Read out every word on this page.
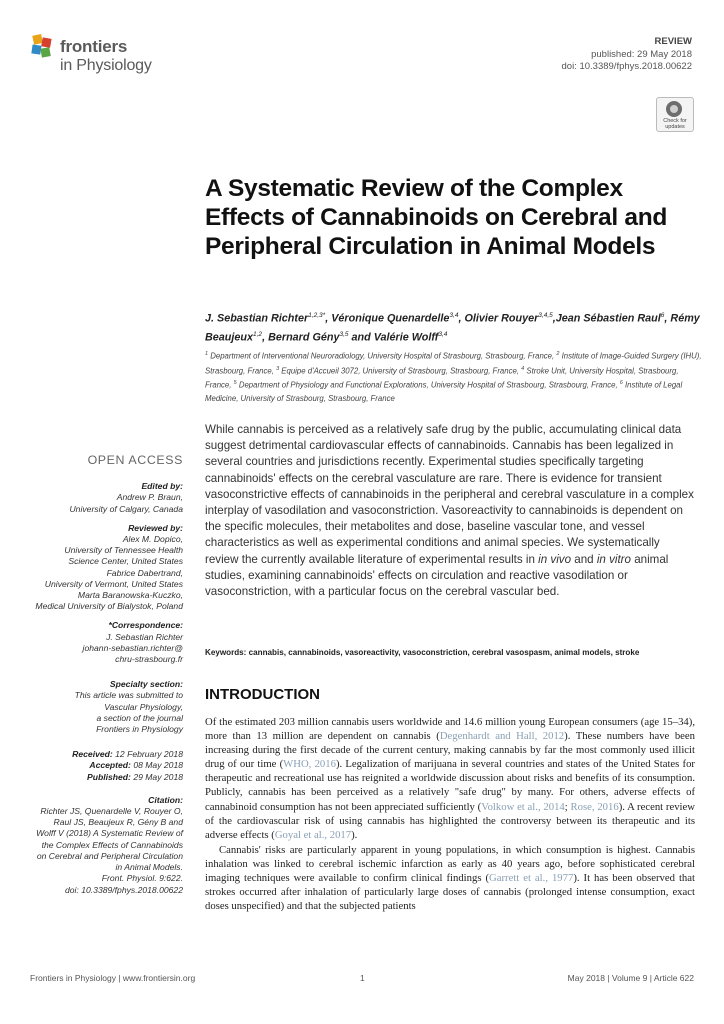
frontiers
in Physiology
REVIEW
published: 29 May 2018
doi: 10.3389/fphys.2018.00622
Check for updates
A Systematic Review of the Complex Effects of Cannabinoids on Cerebral and Peripheral Circulation in Animal Models
J. Sebastian Richter$^{1,2,3*}$, Véronique Quenardelle$^{3,4}$, Olivier Rouyer$^{3,4,5}$,Jean Sébastien Raul$^6$, Rémy Beaujeux$^{1,2}$, Bernard Gény$^{3,5}$ and Valérie Wolff$^{3,4}$
$^1$ Department of Interventional Neuroradiology, University Hospital of Strasbourg, Strasbourg, France, $^2$ Institute of Image-Guided Surgery (IHU), Strasbourg, France, $^3$ Equipe d'Accueil 3072, University of Strasbourg, Strasbourg, France, $^4$ Stroke Unit, University Hospital, Strasbourg, France, $^5$ Department of Physiology and Functional Explorations, University Hospital of Strasbourg, Strasbourg, France, $^6$ Institute of Legal Medicine, University of Strasbourg, Strasbourg, France
While cannabis is perceived as a relatively safe drug by the public, accumulating clinical data suggest detrimental cardiovascular effects of cannabinoids. Cannabis has been legalized in several countries and jurisdictions recently. Experimental studies specifically targeting cannabinoids' effects on the cerebral vasculature are rare. There is evidence for transient vasoconstrictive effects of cannabinoids in the peripheral and cerebral vasculature in a complex interplay of vasodilation and vasoconstriction. Vasoreactivity to cannabinoids is dependent on the specific molecules, their metabolites and dose, baseline vascular tone, and vessel characteristics as well as experimental conditions and animal species. We systematically review the currently available literature of experimental results in in vivo and in vitro animal studies, examining cannabinoids' effects on circulation and reactive vasodilation or vasoconstriction, with a particular focus on the cerebral vascular bed.
Keywords: cannabis, cannabinoids, vasoreactivity, vasoconstriction, cerebral vasospasm, animal models, stroke
INTRODUCTION

Of the estimated 203 million cannabis users worldwide and 14.6 million young European consumers (age 15–34), more than 13 million are dependent on cannabis (Degenhardt and Hall, 2012). These numbers have been increasing during the first decade of the current century, making cannabis by far the most commonly used illicit drug of our time (WHO, 2016). Legalization of marijuana in several countries and states of the United States for therapeutic and recreational use has reignited a worldwide discussion about risks and benefits of its consumption. Publicly, cannabis has been perceived as a relatively "safe drug" by many. For others, adverse effects of cannabinoid consumption has not been appreciated sufficiently (Volkow et al., 2014; Rose, 2016). A recent review of the cardiovascular risk of using cannabis has highlighted the controversy between its therapeutic and its adverse effects (Goyal et al., 2017).

Cannabis' risks are particularly apparent in young populations, in which consumption is highest. Cannabis inhalation was linked to cerebral ischemic infarction as early as 40 years ago, before sophisticated cerebral imaging techniques were available to confirm clinical findings (Garrett et al., 1977). It has been observed that strokes occurred after inhalation of particularly large doses of cannabis (prolonged intense consumption, exact doses unspecified) and that the subjected patients

OPEN ACCESS
Edited by:
Andrew P. Braun,
University of Calgary, Canada
Reviewed by:
Alex M. Dopico,
University of Tennessee Health
Science Center, United States
Fabrice Dabertrand,
University of Vermont, United States
Marta Baranowska-Kuczko,
Medical University of Bialystok, Poland
*Correspondence:
J. Sebastian Richter
johann-sebastian.richter@
chru-strasbourg.fr
Specialty section:
This article was submitted to
Vascular Physiology,
a section of the journal
Frontiers in Physiology
Received: 12 February 2018
Accepted: 08 May 2018
Published: 29 May 2018
Citation:
Richter JS, Quenardelle V, Rouyer O,
Raul JS, Beaujeux R, Gény B and
Wolff V (2018) A Systematic Review of
the Complex Effects of Cannabinoids
on Cerebral and Peripheral Circulation
in Animal Models.
Front. Physiol. 9:622.
doi: 10.3389/fphys.2018.00622
Frontiers in Physiology | www.frontiersin.org	1	May 2018 | Volume 9 | Article 622
